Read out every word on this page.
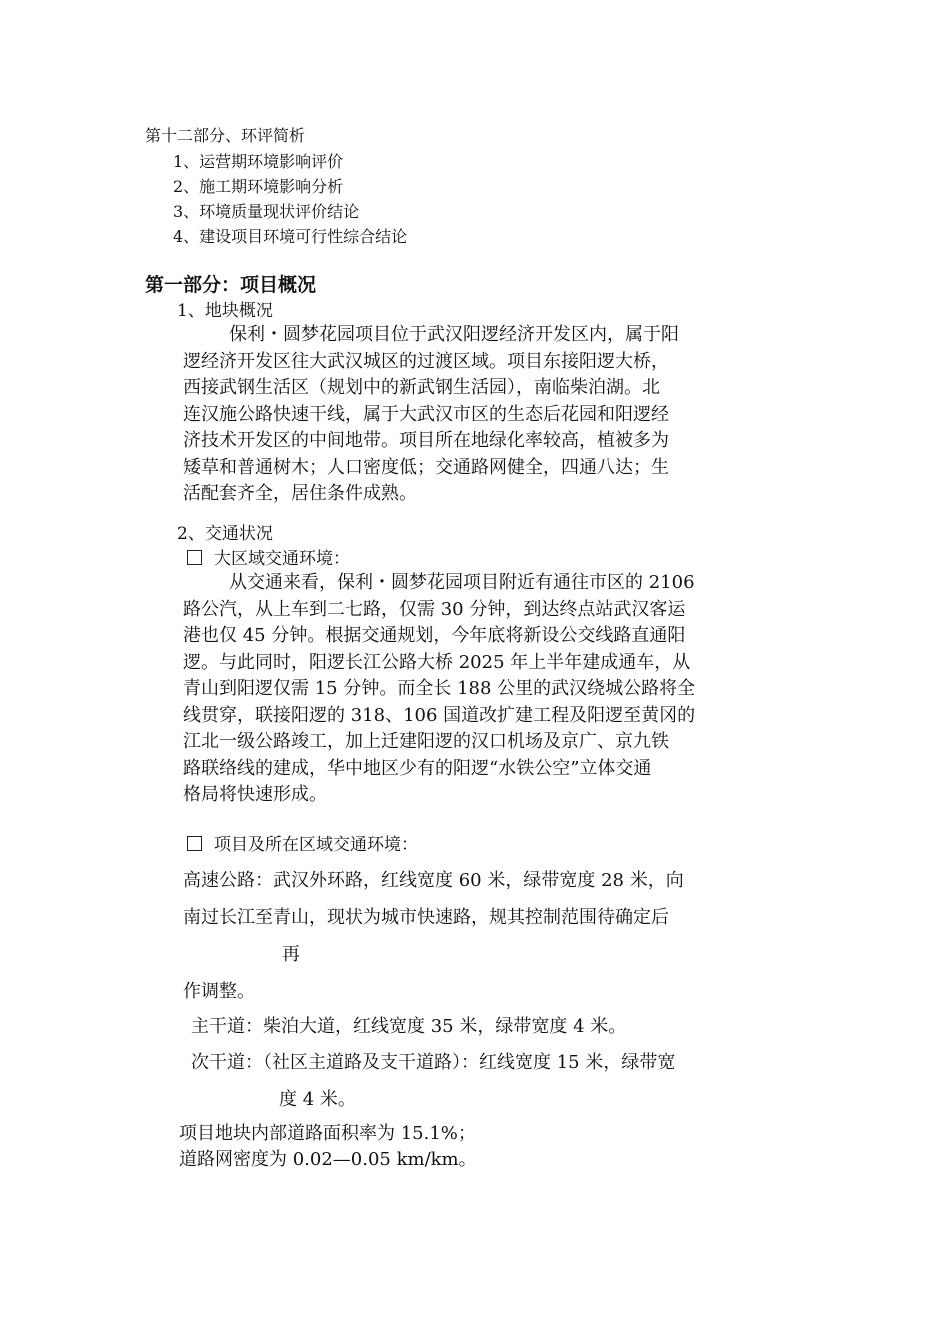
第十二部分、环评简析
1、运营期环境影响评价
2、施工期环境影响分析
3、环境质量现状评价结论
4、建设项目环境可行性综合结论
第一部分：项目概况
1、地块概况

保利・圆梦花园项目位于武汉阳逻经济开发区内，属于阳

逻经济开发区往大武汉城区的过渡区域。项目东接阳逻大桥，

西接武钢生活区（规划中的新武钢生活园），南临柴泊湖。北

连汉施公路快速干线，属于大武汉市区的生态后花园和阳逻经

济技术开发区的中间地带。项目所在地绿化率较高，植被多为

矮草和普通树木；人口密度低；交通路网健全，四通八达；生

活配套齐全，居住条件成熟。

2、交通状况
大区域交通环境：

从交通来看，保利・圆梦花园项目附近有通往市区的 2106

路公汽，从上车到二七路，仅需 30 分钟，到达终点站武汉客运

港也仅 45 分钟。根据交通规划，今年底将新设公交线路直通阳

逻。与此同时，阳逻长江公路大桥 2025 年上半年建成通车，从

青山到阳逻仅需 15 分钟。而全长 188 公里的武汉绕城公路将全

线贯穿，联接阳逻的 318、106 国道改扩建工程及阳逻至黄冈的

江北一级公路竣工，加上迁建阳逻的汉口机场及京广、京九铁

路联络线的建成，华中地区少有的阳逻“水铁公空”立体交通

格局将快速形成。

项目及所在区域交通环境：
高速公路：武汉外环路，红线宽度 60 米，绿带宽度 28 米，向
南过长江至青山，现状为城市快速路，规其控制范围待确定后
再
作调整。
主干道：柴泊大道，红线宽度 35 米，绿带宽度 4 米。
次干道：（社区主道路及支干道路）：红线宽度 15 米，绿带宽
度 4 米。
项目地块内部道路面积率为 15.1%；
道路网密度为 0.02—0.05 km/km。
